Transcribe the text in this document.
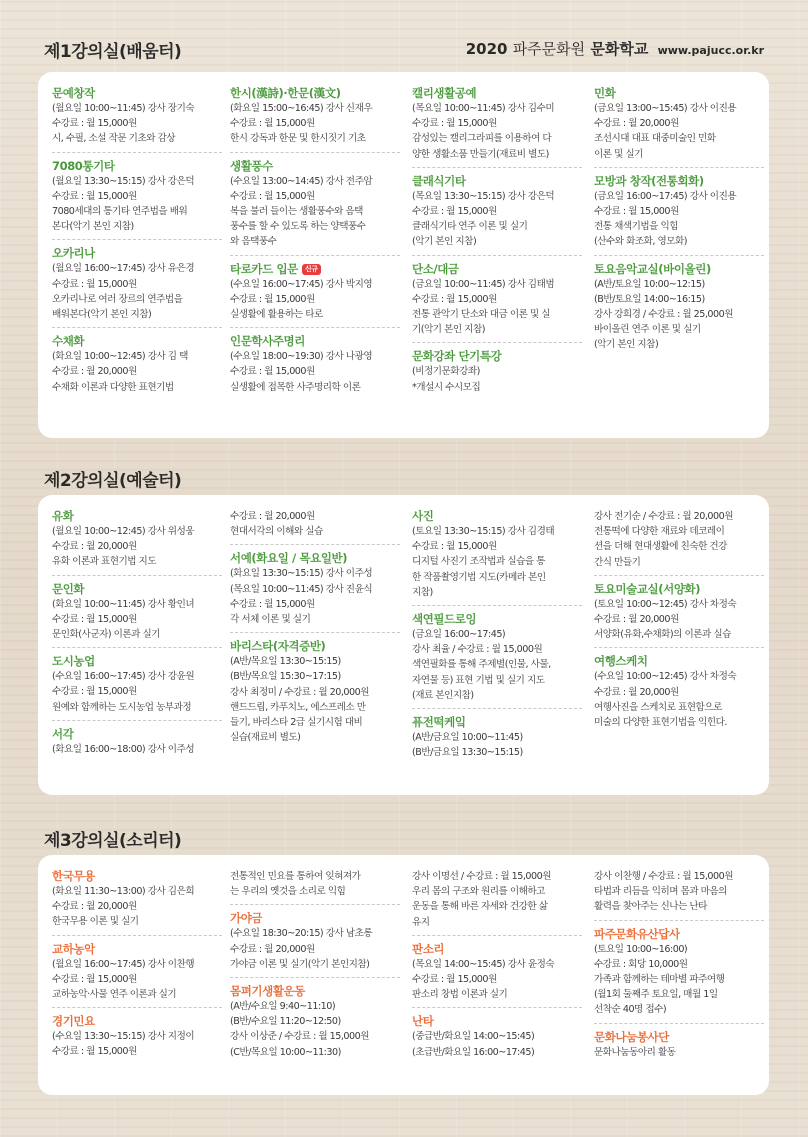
2020 파주문화원 문화학교 www.pajucc.or.kr
제1강의실(배움터)
문예창작
(월요일 10:00~11:45) 강사 장기숙
수강료 : 월 15,000원
시, 수필, 소설 작문 기초와 감상
7080통기타
(월요일 13:30~15:15) 강사 강은덕
수강료 : 월 15,000원
7080세대의 통기타 연주법을 배워
본다(악기 본인 지참)
오카리나
(월요일 16:00~17:45) 강사 유은경
수강료 : 월 15,000원
오카리나로 여러 장르의 연주법을
배워본다(악기 본인 지참)
수채화
(화요일 10:00~12:45) 강사 김 택
수강료 : 월 20,000원
수채화 이론과 다양한 표현기법
한시(漢詩)·한문(漢文)
(화요일 15:00~16:45) 강사 신재우
수강료 : 월 15,000원
한시 강독과 한문 및 한시짓기 기초
생활풍수
(수요일 13:00~14:45) 강사 전주암
수강료 : 월 15,000원
복을 불러 들이는 생활풍수와 음택
풍수를 할 수 있도록 하는 양택풍수
와 음택풍수
타로카드 입문 신규
(수요일 16:00~17:45) 강사 박지영
수강료 : 월 15,000원
실생활에 활용하는 타로
인문학사주명리
(수요일 18:00~19:30) 강사 나광영
수강료 : 월 15,000원
실생활에 접목한 사주명리학 이론
캘리생활공예
(목요일 10:00~11:45) 강사 김수미
수강료 : 월 15,000원
감성있는 캘리그라피를 이용하여 다
양한 생활소품 만들기(재료비 별도)
클래식기타
(목요일 13:30~15:15) 강사 강은덕
수강료 : 월 15,000원
클래식기타 연주 이론 및 실기
(악기 본인 지참)
단소/대금
(금요일 10:00~11:45) 강사 김태범
수강료 : 월 15,000원
전통 관악기 단소와 대금 이론 및 실
기(악기 본인 지참)
문화강좌 단기특강
(비정기문화강좌)
*개설시 수시모집
민화
(금요일 13:00~15:45) 강사 이진용
수강료 : 월 20,000원
조선시대 대표 대중미술인 민화
이론 및 실기
모방과 창작(전통회화)
(금요일 16:00~17:45) 강사 이진용
수강료 : 월 15,000원
전통 채색기법을 익힘
(산수와 화조화, 영모화)
토요음악교실(바이올린)
(A반/토요일 10:00~12:15)
(B반/토요일 14:00~16:15)
강사 강희경 / 수강료 : 월 25,000원
바이올린 연주 이론 및 실기
(악기 본인 지참)
제2강의실(예술터)
유화
(월요일 10:00~12:45) 강사 위성웅
수강료 : 월 20,000원
유화 이론과 표현기법 지도
문인화
(화요일 10:00~11:45) 강사 황인녀
수강료 : 월 15,000원
문인화(사군자) 이론과 실기
도시농업
(수요일 16:00~17:45) 강사 강윤원
수강료 : 월 15,000원
원예와 함께하는 도시농업 농부과정
서각
(화요일 16:00~18:00) 강사 이주성
수강료 : 월 20,000원
현대서각의 이해와 실습
서예(화요일 / 목요일반)
(화요일 13:30~15:15) 강사 이주성
(목요일 10:00~11:45) 강사 진윤식
수강료 : 월 15,000원
각 서체 이론 및 실기
바리스타(자격증반)
(A반/목요일 13:30~15:15)
(B반/목요일 15:30~17:15)
강사 최정미 / 수강료 : 월 20,000원
핸드드립, 카푸치노, 에스프레소 만
들기, 바리스타 2급 실기시험 대비
실습(재료비 별도)
사진
(토요일 13:30~15:15) 강사 김경태
수강료 : 월 15,000원
디지털 사진기 조작법과 실습을 통
한 작품촬영기법 지도(카메라 본인
지참)
색연필드로잉
(금요일 16:00~17:45)
강사 최율 / 수강료 : 월 15,000원
색연필화를 통해 주제별(인물, 사물,
자연물 등) 표현 기법 및 실기 지도
(재료 본인지참)
퓨전떡케잌
(A반/금요일 10:00~11:45)
(B반/금요일 13:30~15:15)
강사 전기순 / 수강료 : 월 20,000원
전통떡에 다양한 재료와 데코레이
션을 더해 현대생활에 친숙한 건강
간식 만들기
토요미술교실(서양화)
(토요일 10:00~12:45) 강사 차정숙
수강료 : 월 20,000원
서양화(유화,수채화)의 이론과 실습
여행스케치
(수요일 10:00~12:45) 강사 차정숙
수강료 : 월 20,000원
여행사진을 스케치로 표현함으로
미술의 다양한 표현기법을 익힌다.
제3강의실(소리터)
한국무용
(화요일 11:30~13:00) 강사 김은희
수강료 : 월 20,000원
한국무용 이론 및 실기
교하농악
(월요일 16:00~17:45) 강사 이찬행
수강료 : 월 15,000원
교하농악·사물 연주 이론과 실기
경기민요
(수요일 13:30~15:15) 강사 지정이
수강료 : 월 15,000원
전통적인 민요를 통하여 잊혀져가
는 우리의 옛것을 소리로 익힘
가야금
(수요일 18:30~20:15) 강사 남초롱
수강료 : 월 20,000원
가야금 이론 및 실기(악기 본인지참)
몸펴기생활운동
(A반/수요일 9:40~11:10)
(B반/수요일 11:20~12:50)
강사 이상준 / 수강료 : 월 15,000원
(C반/목요일 10:00~11:30)
강사 이명선 / 수강료 : 월 15,000원
우리 몸의 구조와 원리를 이해하고
운동을 통해 바른 자세와 건강한 삶
유지
판소리
(목요일 14:00~15:45) 강사 윤정숙
수강료 : 월 15,000원
판소리 창법 이론과 실기
난타
(중급반/화요일 14:00~15:45)
(초급반/화요일 16:00~17:45)
강사 이찬행 / 수강료 : 월 15,000원
타법과 리듬을 익히며 몸과 마음의
활력을 찾아주는 신나는 난타
파주문화유산답사
(토요일 10:00~16:00)
수강료 : 회당 10,000원
가족과 함께하는 테마별 파주여행
(월1회 둘째주 토요일, 매월 1일
선착순 40명 접수)
문화나눔봉사단
문화나눔동아리 활동
